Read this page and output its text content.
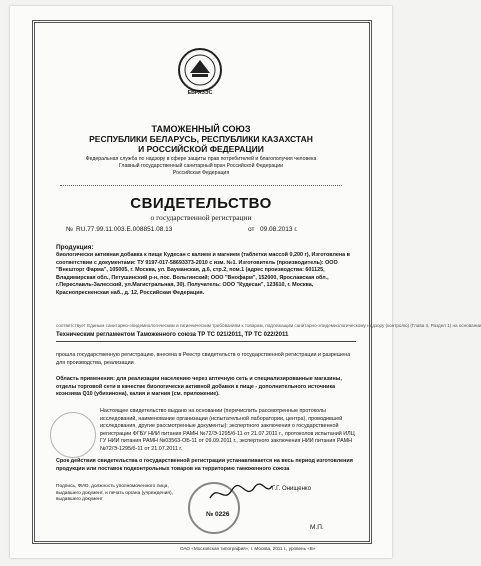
ЕВРАЗЭС
ТАМОЖЕННЫЙ СОЮЗ
РЕСПУБЛИКИ БЕЛАРУСЬ, РЕСПУБЛИКИ КАЗАХСТАН
И РОССИЙСКОЙ ФЕДЕРАЦИИ
Федеральная служба по надзору в сфере защиты прав потребителей и благополучия человека
Главный государственный санитарный врач Российской Федерации
Российская Федерация
СВИДЕТЕЛЬСТВО
о государственной регистрации
№ RU.77.99.11.003.Е.008851.08.13	от 09.08.2013 г.
Продукция:
биологически активная добавка к пище Кудесан с калием и магнием (таблетки массой 0,200 г), Изготовлена в соответствии с документами: ТУ 9197-017-58693373-2010 с изм. №1. Изготовитель (производитель): ООО "Внешторг Фарма", 105005, г. Москва, ул. Бауманская, д.6, стр.2, пом.1 (адрес производства: 601125, Владимирская обл., Петушинский р-н, пос. Вольгинский; ООО "Внофарм", 152000, Ярославская обл., г.Переславль-Залесский, ул.Магистральная, 30). Получатель: ООО "Кудесан", 123610, г. Москва, Краснопресненская наб., д. 12, Российская Федерация.
соответствует Единым санитарно-эпидемиологическим и гигиеническим требованиям к товарам, подлежащим санитарно-эпидемиологическому надзору (контролю) (Глава II, Раздел 1) на основании
Техническим регламентом Таможенного союза ТР ТС 021/2011, ТР ТС 022/2011
прошла государственную регистрацию, внесена в Реестр свидетельств о государственной регистрации и разрешена для производства, реализации
Область применения: для реализации населению через аптечную сеть и специализированные магазины, отделы торговой сети в качестве биологически активной добавки к пище - дополнительного источника коэнзима Q10 (убихинона), калия и магния (см. приложение).
Настоящее свидетельство выдано на основании (перечислить рассмотренные протоколы исследований, наименование организации (испытательной лаборатории, центра), проводившей исследования, другие рассмотренные документы): экспертного заключения о государственной регистрации ФГБУ НИИ питания РАМН №72/Э-1295/б-11 от 21.07.2011 г., протоколов испытаний ИЛЦ ГУ НИИ питания РАМН №03563-ОБ-11 от 09.09.2011 г., экспертного заключения НИИ питания РАМН №72/Э-1295/б-11 от 21.07.2011 г.
Срок действия свидетельства о государственной регистрации устанавливается на весь период изготовления продукции или поставок подконтрольных товаров на территорию таможенного союза
Подпись, ФИО, должность уполномоченного лица, выдавшего документ, и печать органа (учреждения), выдавшего документ
Г.Г. Онищенко
№ 0226
М.П.
ОАО «Московская типография», г. Москва, 2011 г., уровень «В»
